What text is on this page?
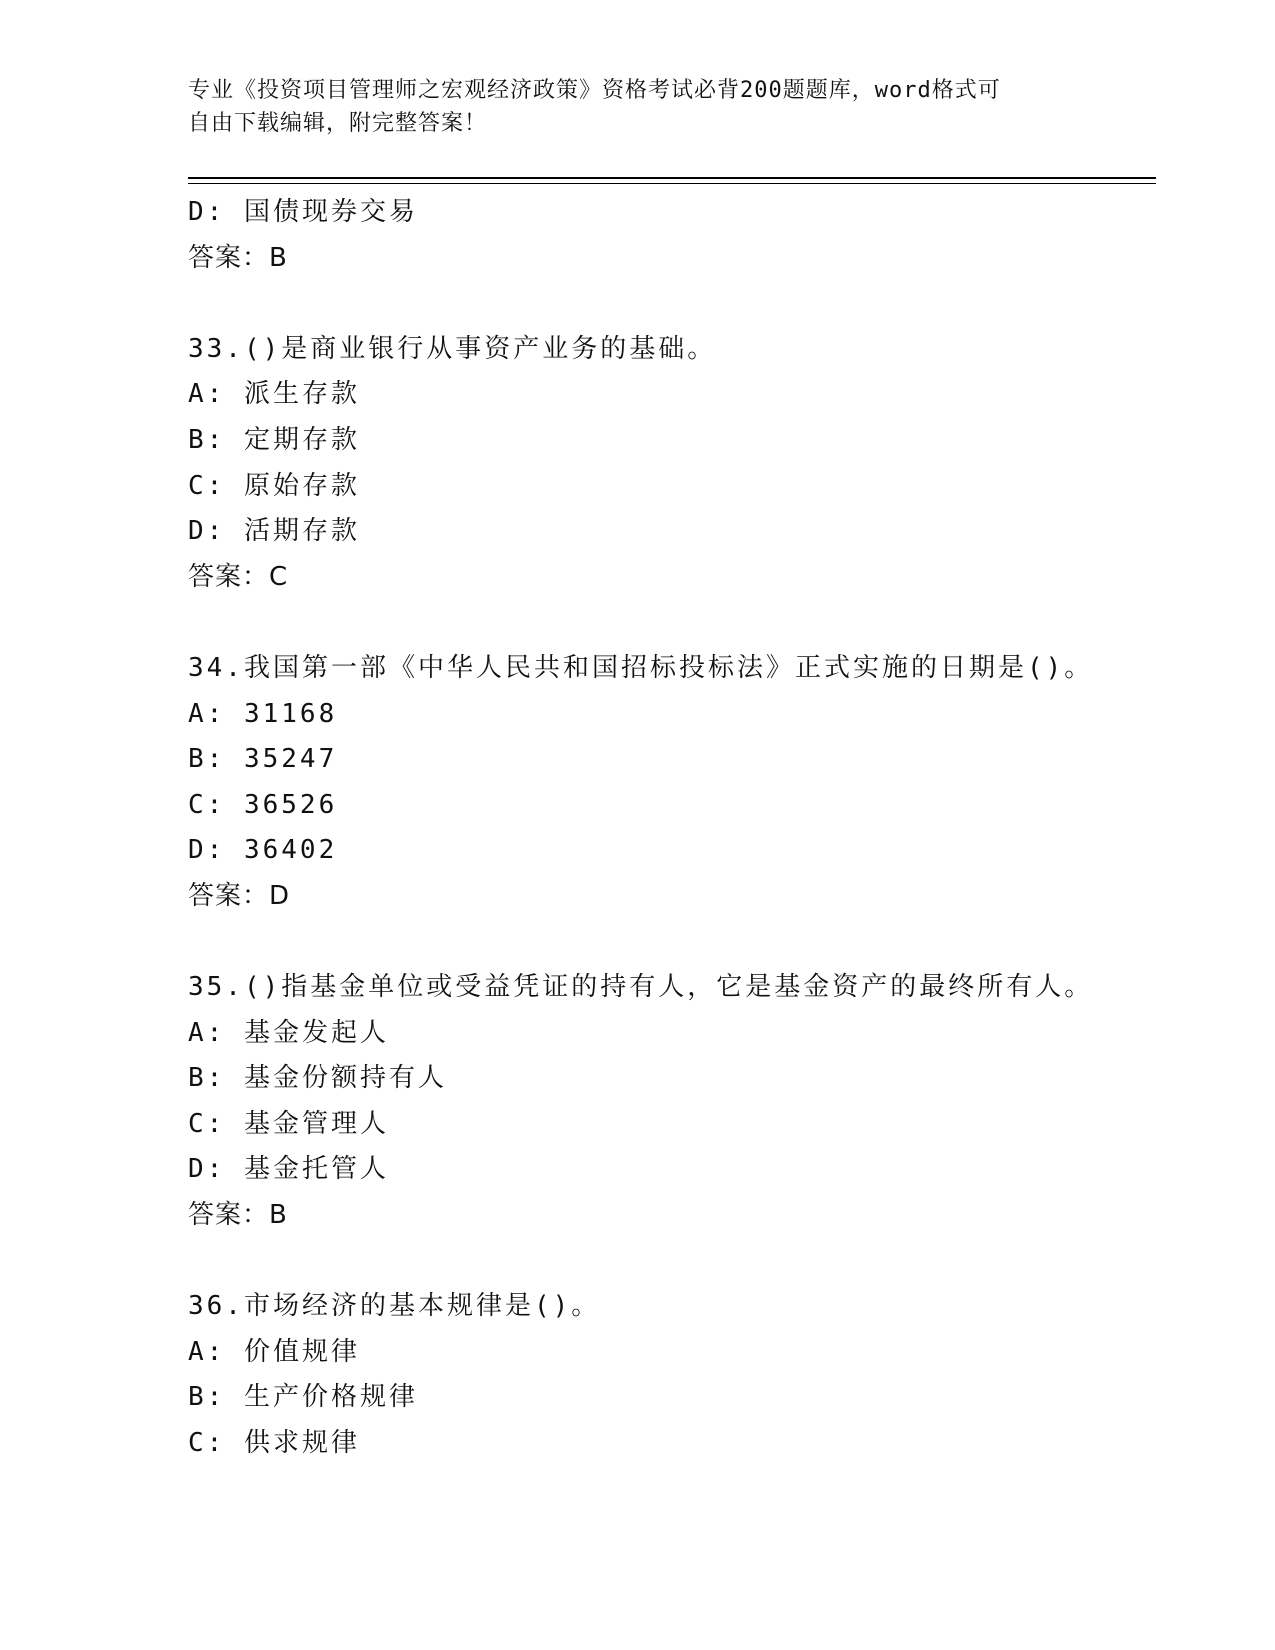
专业《投资项目管理师之宏观经济政策》资格考试必背200题题库，word格式可
自由下载编辑，附完整答案！
D: 国债现券交易
答案：B
33.()是商业银行从事资产业务的基础。
A: 派生存款
B: 定期存款
C: 原始存款
D: 活期存款
答案：C
34.我国第一部《中华人民共和国招标投标法》正式实施的日期是()。
A: 31168
B: 35247
C: 36526
D: 36402
答案：D
35.()指基金单位或受益凭证的持有人，它是基金资产的最终所有人。
A: 基金发起人
B: 基金份额持有人
C: 基金管理人
D: 基金托管人
答案：B
36.市场经济的基本规律是()。
A: 价值规律
B: 生产价格规律
C: 供求规律
